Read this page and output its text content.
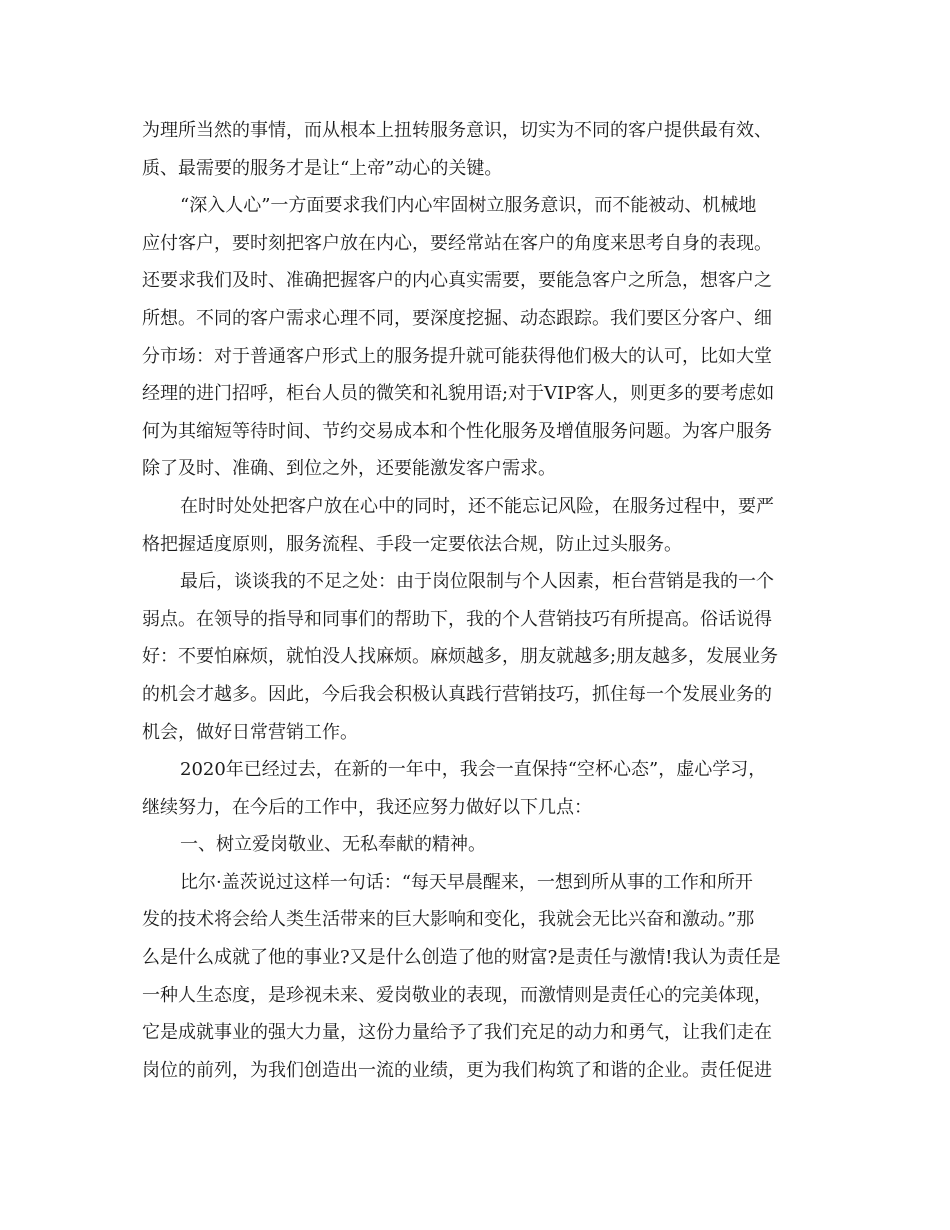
为理所当然的事情，而从根本上扭转服务意识，切实为不同的客户提供最有效、
质、最需要的服务才是让“上帝”动心的关键。
“深入人心”一方面要求我们内心牢固树立服务意识，而不能被动、机械地
应付客户，要时刻把客户放在内心，要经常站在客户的角度来思考自身的表现。
还要求我们及时、准确把握客户的内心真实需要，要能急客户之所急，想客户之
所想。不同的客户需求心理不同，要深度挖掘、动态跟踪。我们要区分客户、细
分市场：对于普通客户形式上的服务提升就可能获得他们极大的认可，比如大堂
经理的进门招呼，柜台人员的微笑和礼貌用语;对于VIP客人，则更多的要考虑如
何为其缩短等待时间、节约交易成本和个性化服务及增值服务问题。为客户服务
除了及时、准确、到位之外，还要能激发客户需求。
在时时处处把客户放在心中的同时，还不能忘记风险，在服务过程中，要严
格把握适度原则，服务流程、手段一定要依法合规，防止过头服务。
最后，谈谈我的不足之处：由于岗位限制与个人因素，柜台营销是我的一个
弱点。在领导的指导和同事们的帮助下，我的个人营销技巧有所提高。俗话说得
好：不要怕麻烦，就怕没人找麻烦。麻烦越多，朋友就越多;朋友越多，发展业务
的机会才越多。因此，今后我会积极认真践行营销技巧，抓住每一个发展业务的
机会，做好日常营销工作。
2020年已经过去，在新的一年中，我会一直保持“空杯心态”，虚心学习，
继续努力，在今后的工作中，我还应努力做好以下几点：
一、树立爱岗敬业、无私奉献的精神。
比尔·盖茨说过这样一句话：“每天早晨醒来，一想到所从事的工作和所开
发的技术将会给人类生活带来的巨大影响和变化，我就会无比兴奋和激动。”那
么是什么成就了他的事业?又是什么创造了他的财富?是责任与激情!我认为责任是
一种人生态度，是珍视未来、爱岗敬业的表现，而激情则是责任心的完美体现，
它是成就事业的强大力量，这份力量给予了我们充足的动力和勇气，让我们走在
岗位的前列，为我们创造出一流的业绩，更为我们构筑了和谐的企业。责任促进
